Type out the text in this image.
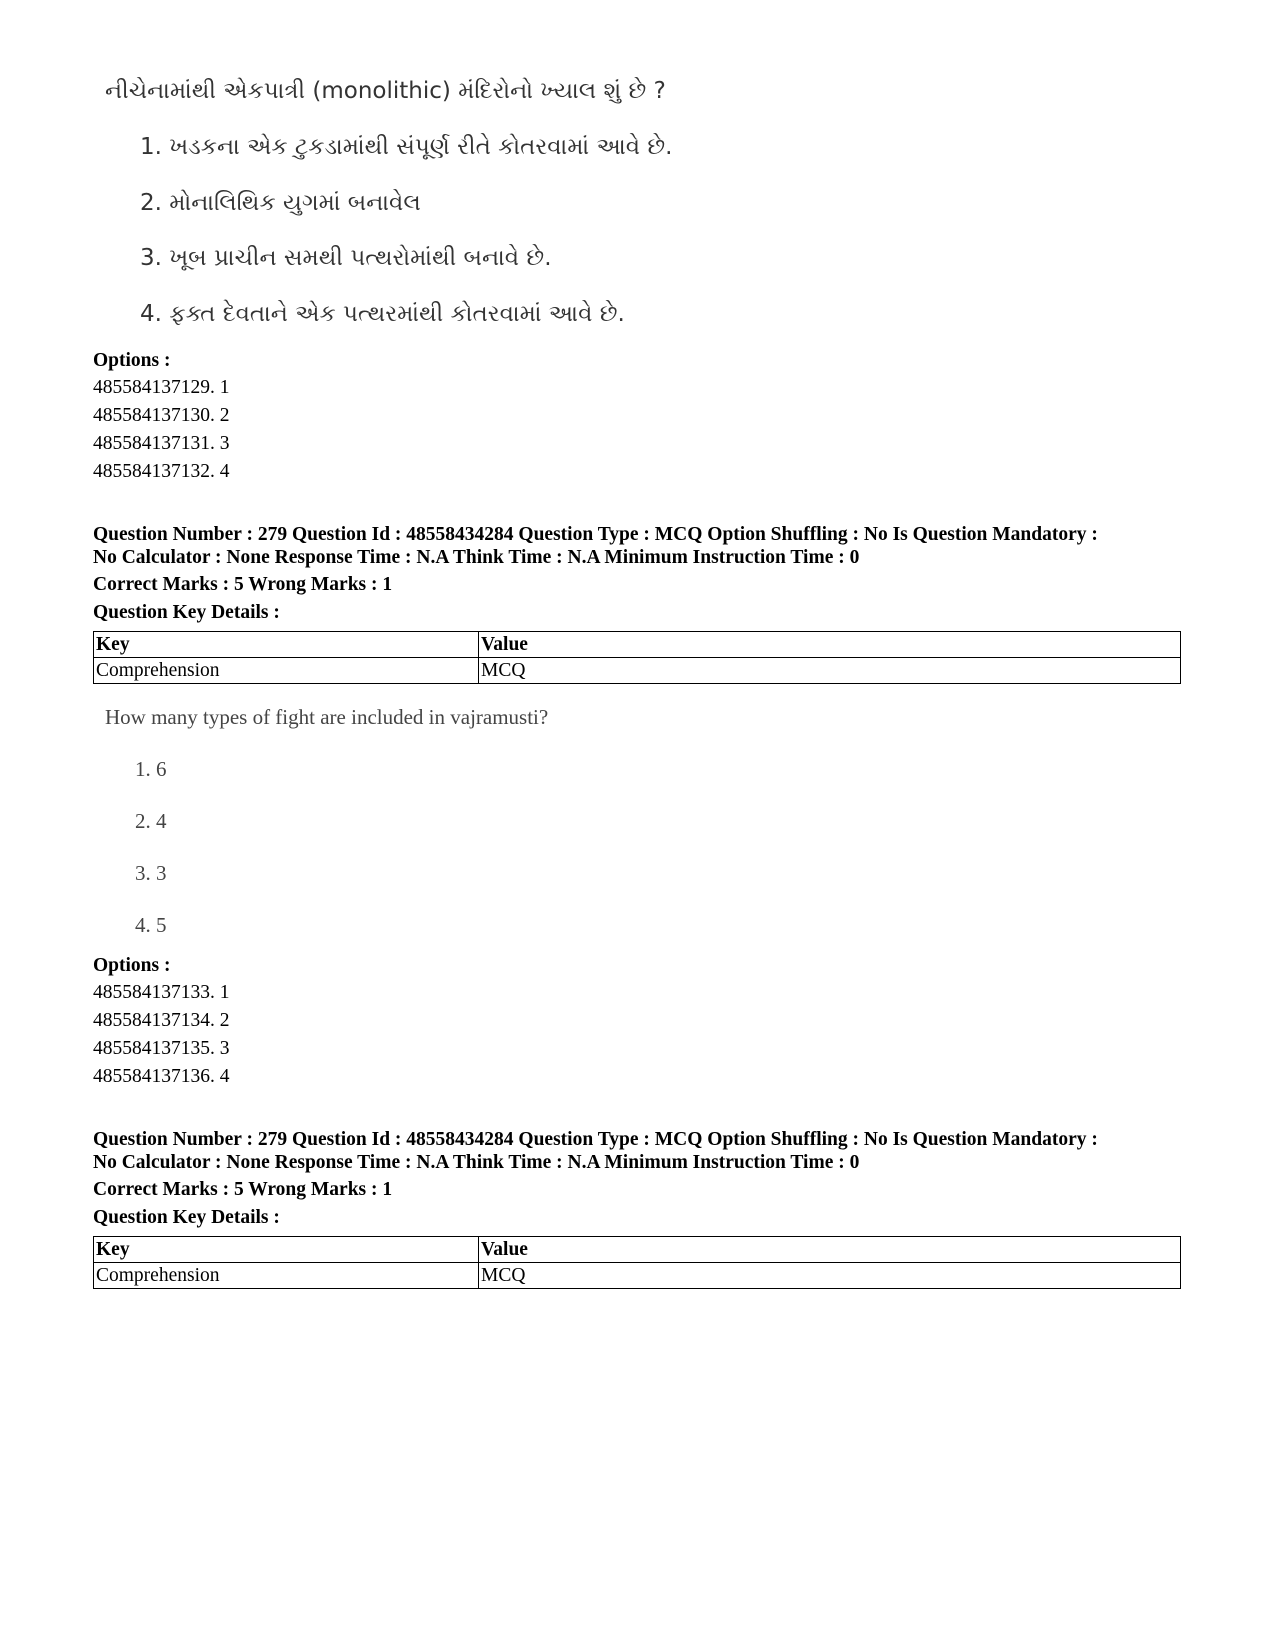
નીચેનામાંથી એકપાત્રી (monolithic) મંદિરોનો ખ્યાલ શું છે ?
1. ખડકના એક ટુકડામાંથી સંપૂર્ણ રીતે કોતરવામાં આવે છે.
2. મોનાલિથિક યુગમાં બનાવેલ
3. ખૂબ પ્રાચીન સમથી પત્થરોમાંથી બનાવે છે.
4. ફક્ત દેવતાને એક પત્થરમાંથી કોતરવામાં આવે છે.
Options :
485584137129. 1
485584137130. 2
485584137131. 3
485584137132. 4
Question Number : 279 Question Id : 48558434284 Question Type : MCQ Option Shuffling : No Is Question Mandatory :
No Calculator : None Response Time : N.A Think Time : N.A Minimum Instruction Time : 0
Correct Marks : 5 Wrong Marks : 1
Question Key Details :
Key	Value
Comprehension	MCQ
How many types of fight are included in vajramusti?
1. 6
2. 4
3. 3
4. 5
Options :
485584137133. 1
485584137134. 2
485584137135. 3
485584137136. 4
Question Number : 279 Question Id : 48558434284 Question Type : MCQ Option Shuffling : No Is Question Mandatory :
No Calculator : None Response Time : N.A Think Time : N.A Minimum Instruction Time : 0
Correct Marks : 5 Wrong Marks : 1
Question Key Details :
Key	Value
Comprehension	MCQ
